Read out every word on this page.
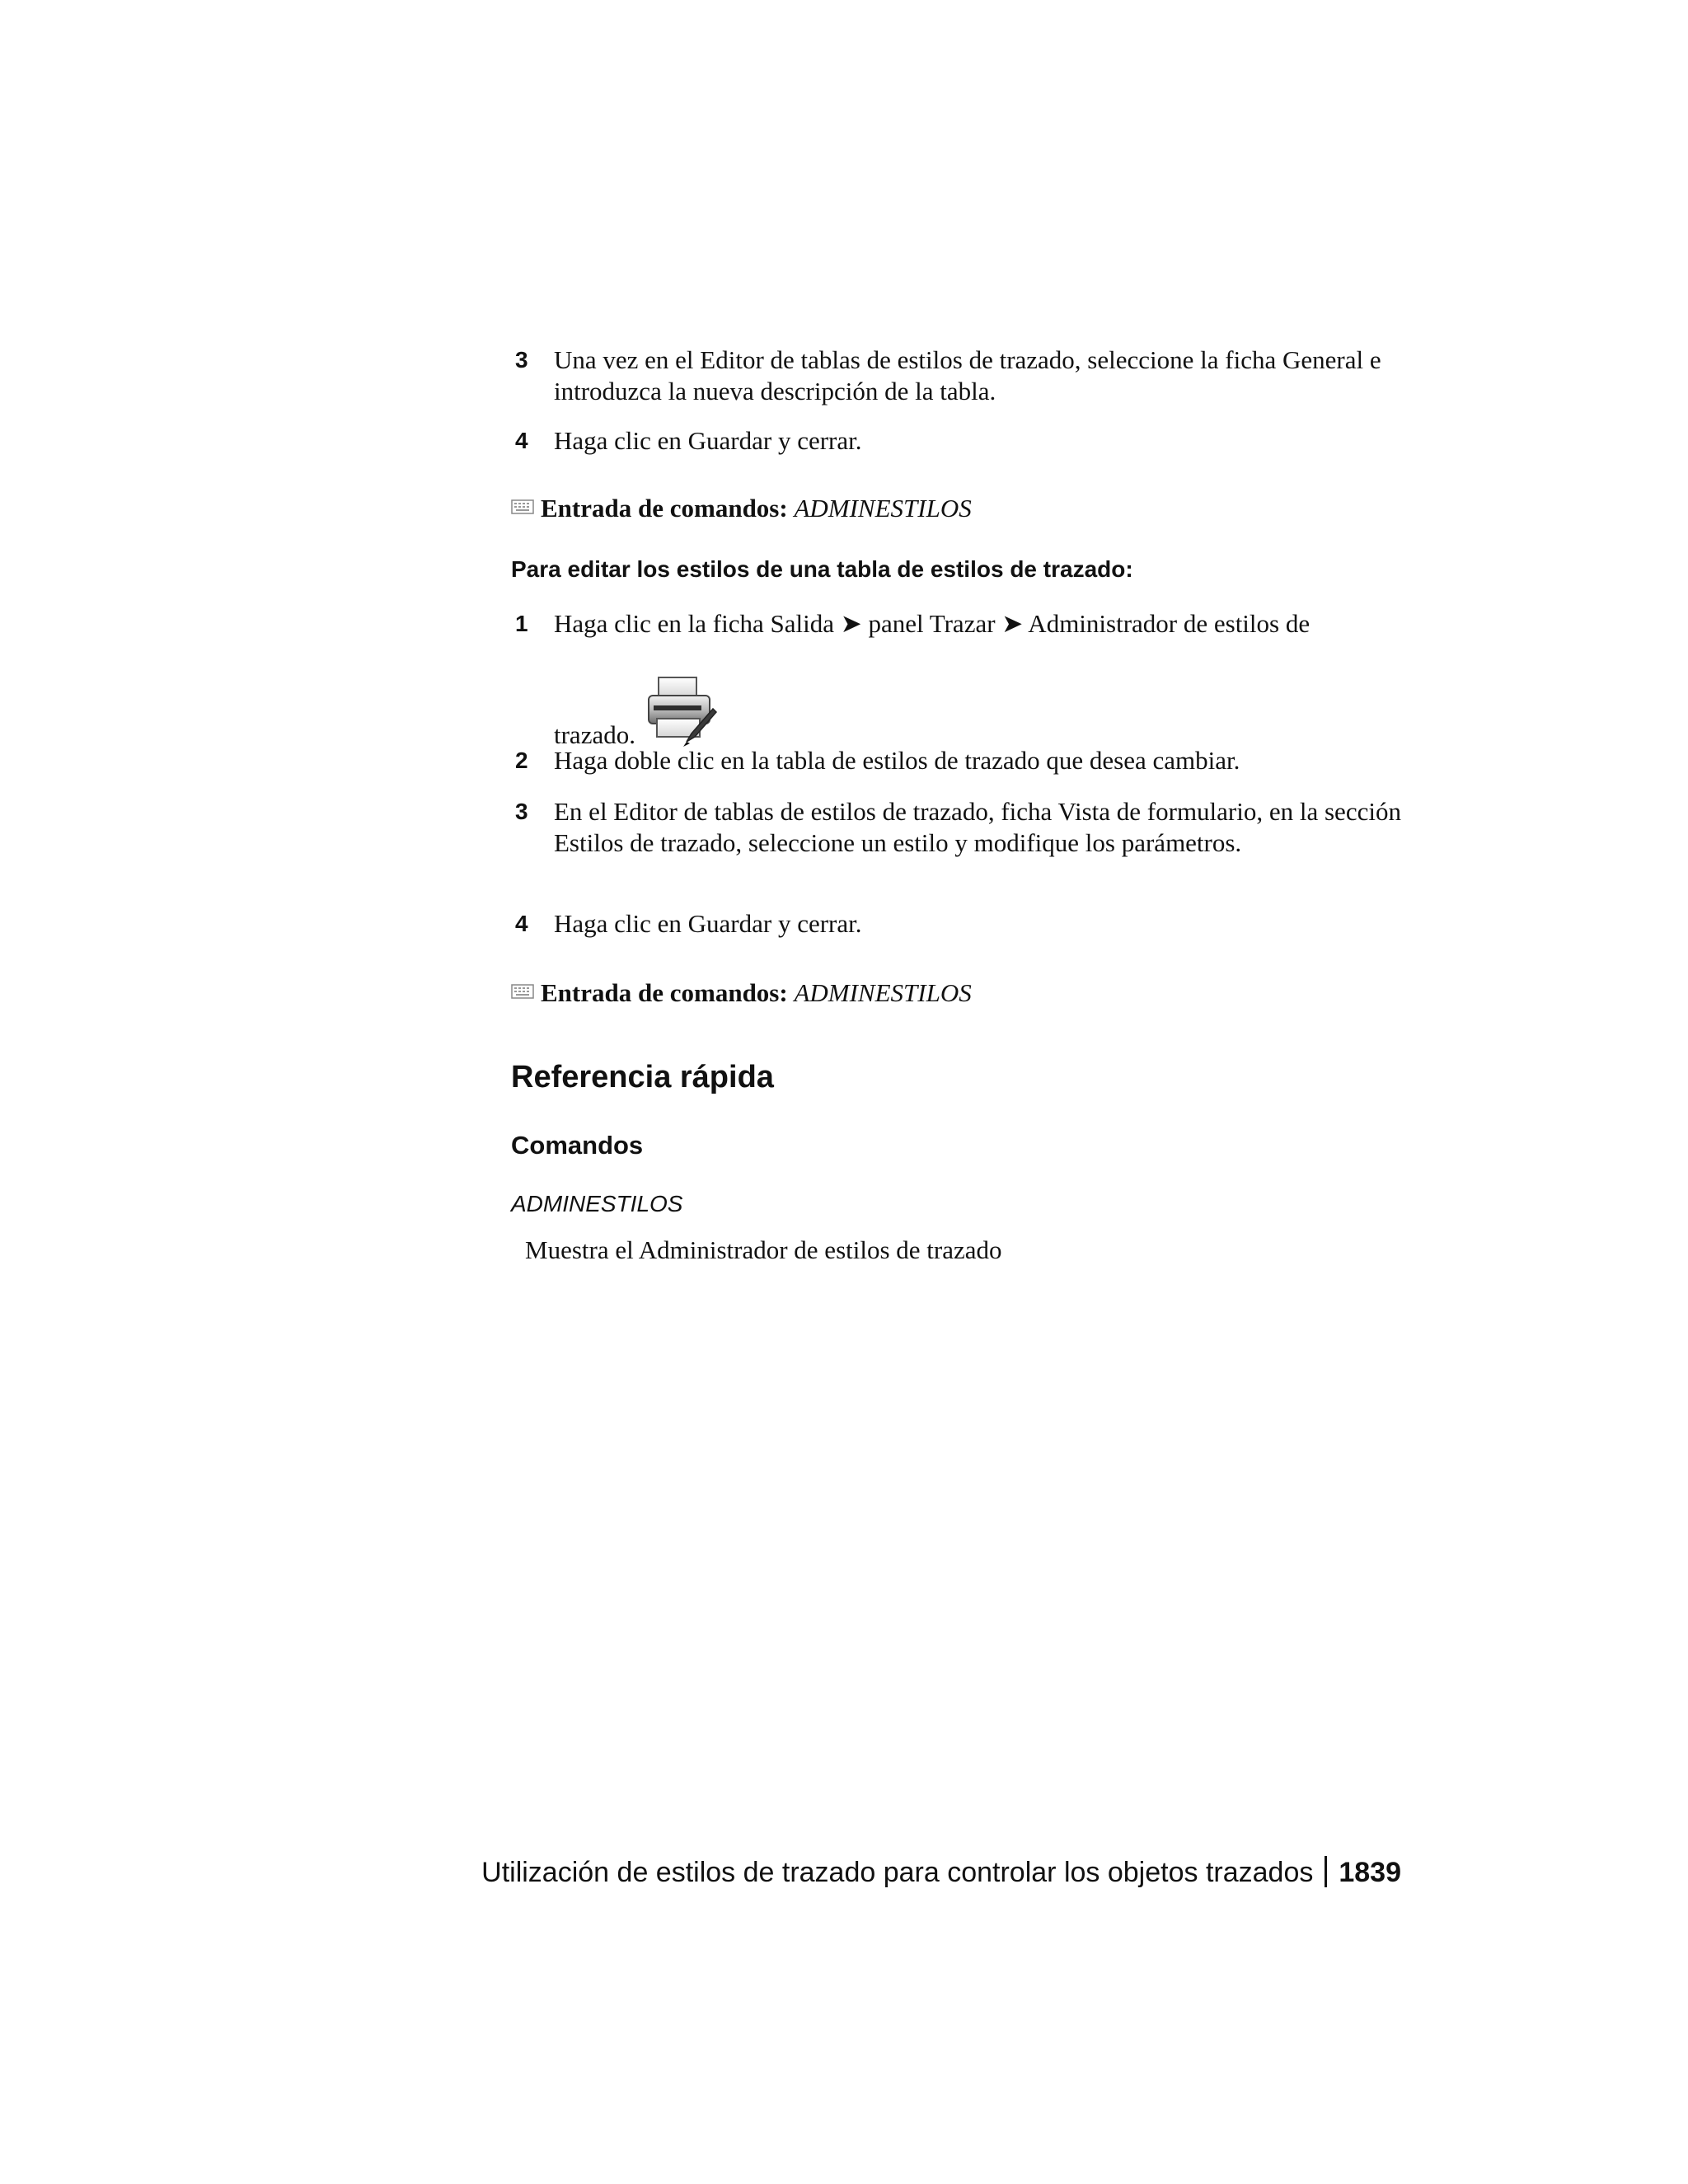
3	Una vez en el Editor de tablas de estilos de trazado, seleccione la ficha General e introduzca la nueva descripción de la tabla.
4	Haga clic en Guardar y cerrar.
Entrada de comandos: ADMINESTILOS
Para editar los estilos de una tabla de estilos de trazado:
1	Haga clic en la ficha Salida ➤ panel Trazar ➤ Administrador de estilos de
trazado.
2	Haga doble clic en la tabla de estilos de trazado que desea cambiar.
3	En el Editor de tablas de estilos de trazado, ficha Vista de formulario, en la sección Estilos de trazado, seleccione un estilo y modifique los parámetros.
4	Haga clic en Guardar y cerrar.
Entrada de comandos: ADMINESTILOS
Referencia rápida
Comandos
ADMINESTILOS
Muestra el Administrador de estilos de trazado
Utilización de estilos de trazado para controlar los objetos trazados 1839
